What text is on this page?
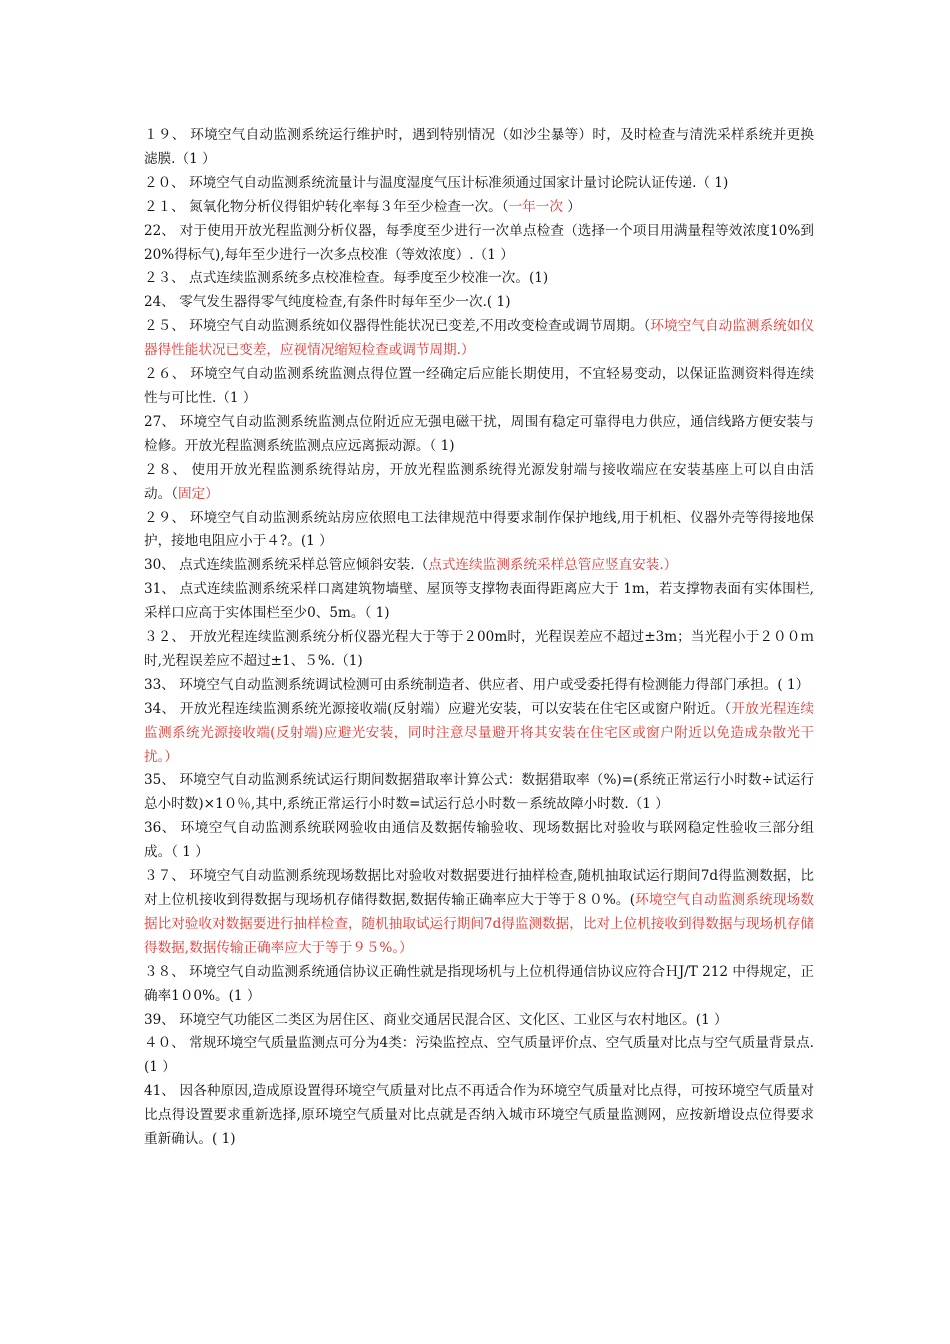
１９、 环境空气自动监测系统运行维护时，遇到特别情况（如沙尘暴等）时，及时检查与清洗采样系统并更换滤膜.（1 ）

２０、 环境空气自动监测系统流量计与温度湿度气压计标准须通过国家计量讨论院认证传递.（ 1)

２１、 氮氧化物分析仪得钼炉转化率每３年至少检查一次。（一年一次 ）

22、 对于使用开放光程监测分析仪器，每季度至少进行一次单点检查（选择一个项目用满量程等效浓度10%到20%得标气),每年至少进行一次多点校准（等效浓度）.（1 ）

２３、 点式连续监测系统多点校准检查。每季度至少校准一次。(1)

24、 零气发生器得零气纯度检查,有条件时每年至少一次.( 1)

２５、 环境空气自动监测系统如仪器得性能状况已变差,不用改变检查或调节周期。（环境空气自动监测系统如仪器得性能状况已变差，应视情况缩短检查或调节周期.）

２６、 环境空气自动监测系统监测点得位置一经确定后应能长期使用，不宜轻易变动，以保证监测资料得连续性与可比性.（1 ）

27、 环境空气自动监测系统监测点位附近应无强电磁干扰，周围有稳定可靠得电力供应，通信线路方便安装与检修。开放光程监测系统监测点应远离振动源。（ 1)

２８、 使用开放光程监测系统得站房，开放光程监测系统得光源发射端与接收端应在安装基座上可以自由活动。（固定）

２９、 环境空气自动监测系统站房应依照电工法律规范中得要求制作保护地线,用于机柜、仪器外壳等得接地保护，接地电阻应小于４?。(1 ）

30、 点式连续监测系统采样总管应倾斜安装.（点式连续监测系统采样总管应竖直安装.）

31、 点式连续监测系统采样口离建筑物墙壁、屋顶等支撑物表面得距离应大于 1m，若支撑物表面有实体围栏,采样口应高于实体围栏至少0、5m。（ 1)

３２、 开放光程连续监测系统分析仪器光程大于等于２00m时，光程误差应不超过±3m；当光程小于２００ｍ时,光程误差应不超过±1、５%.（1)

33、 环境空气自动监测系统调试检测可由系统制造者、供应者、用户或受委托得有检测能力得部门承担。( 1）

34、 开放光程连续监测系统光源接收端(反射端）应避光安装，可以安装在住宅区或窗户附近。（开放光程连续监测系统光源接收端(反射端)应避光安装，同时注意尽量避开将其安装在住宅区或窗户附近以免造成杂散光干扰。）

35、 环境空气自动监测系统试运行期间数据猎取率计算公式：数据猎取率（%)=(系统正常运行小时数÷试运行总小时数)×1０％,其中,系统正常运行小时数=试运行总小时数－系统故障小时数.（1 ）

36、 环境空气自动监测系统联网验收由通信及数据传输验收、现场数据比对验收与联网稳定性验收三部分组成。（ 1 ）

３７、 环境空气自动监测系统现场数据比对验收对数据要进行抽样检查,随机抽取试运行期间7d得监测数据，比对上位机接收到得数据与现场机存储得数据,数据传输正确率应大于等于８０%。(环境空气自动监测系统现场数据比对验收对数据要进行抽样检查，随机抽取试运行期间7d得监测数据，比对上位机接收到得数据与现场机存储得数据,数据传输正确率应大于等于９５%。）

３８、 环境空气自动监测系统通信协议正确性就是指现场机与上位机得通信协议应符合ＨJ/T 212 中得规定，正确率1０0%。(1 ）

39、 环境空气功能区二类区为居住区、商业交通居民混合区、文化区、工业区与农村地区。(1 ）

４０、 常规环境空气质量监测点可分为4类：污染监控点、空气质量评价点、空气质量对比点与空气质量背景点.(1 ）

41、 因各种原因,造成原设置得环境空气质量对比点不再适合作为环境空气质量对比点得，可按环境空气质量对比点得设置要求重新选择,原环境空气质量对比点就是否纳入城市环境空气质量监测网，应按新增设点位得要求重新确认。( 1)
